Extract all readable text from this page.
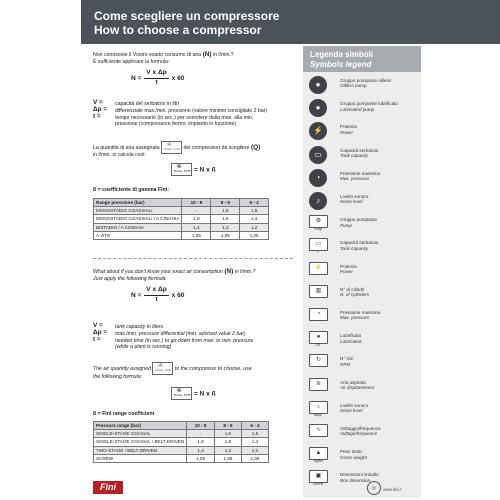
Come scegliere un compressore
How to choose a compressor
Non conoscete il Vostro esatto consumo di aria (N) in l/min.?
È sufficiente applicare la formula:
$N = \frac{\text{V x Δp}}{t}$ x 60
V = capacità del serbatoio in litri
Δp = differenziale max./min. pressione (valore minimo consigliato 2 bar)
t =	tempo necessario (in sec.) per scendere dalla max. alla min.
pressione (compressore fermo, impianto in funzione)
La quantità di aria assegnata ✇
Dmax. l/1'M dei compressori da scegliere (Q)
in l/min, si calcola così:
✇
Dmax. l/1'M = N x ß
ß = coefficiente di gamma Fini:
Range pressione (bar)	10 - 8	8 - 6	6 - 4
MONOSTADIO COASSIALI	-	1,6	1,5
MONOSTADIO COASSIALI / A CINGHIA	1,6	1,5	1,4
BISTADIO / A CINGHIA	1,4	1,3	1,2
A VITE	1,05	1,05	1,05
What about if you don't know your exact air consumption (N) in l/min.?
Just apply the following formula:
$N = \frac{\text{V x Δp}}{t}$ x 60
V = tank capacity in liters
Δp = max./min. pressure differential (min. advised value 2 bar)
t =	needed time (in sec.) to go down from max. to min. pressure
(while a plant is running)
The air quantity assigned ✇
Dmax. l/1'M to the compressor to choose, use
the following formula:
✇
Dmax. l/1'M = N x ß
ß = Fini range coefficient
Pressure range (bar)	10 - 8	8 - 6	6 - 4
SINGLE-STAGE COAXIAL	-	1,6	1,5
SINGLE-STAGE COAXIAL / BELT-DRIVEN	1,6	1,5	1,4
TWO-STAGE / BELT-DRIVEN	1,4	1,3	1,2
SCREW	1,05	1,05	1,05
Legenda simboli
Symbols legend
●	Gruppo pompante oilless
Oilless pump
●	Gruppo pompante lubrificato
Lubricated pump
⚡	Potenza
Power
▭	Capacità serbatoio
Tank capacity
◔	Pressione massima
Max. pressure
♪	Livello sonoro
Noise level
⚙
Pump
Gruppo pompante
Pump
▭
L
Capacità serbatoio
Tank capacity
⚡	Potenza
Power
▥	N° di cilindri
N. of cylinders
◔	Pressione massima
Max. pressure
●
OIL
Lubrificato
Lubricated
↻	N° Giri
RPM
≋	Aria aspirata
Air displacement
♪
dB(A)
Livello sonoro
Noise level
∿	Voltaggio/frequenza
Voltage/frequence
▲
Kg/lbs
Peso lordo
Gross weight
▣
LxWxH
Dimensioni imballo
Box dimension
Fini	◎	www.fini.it
